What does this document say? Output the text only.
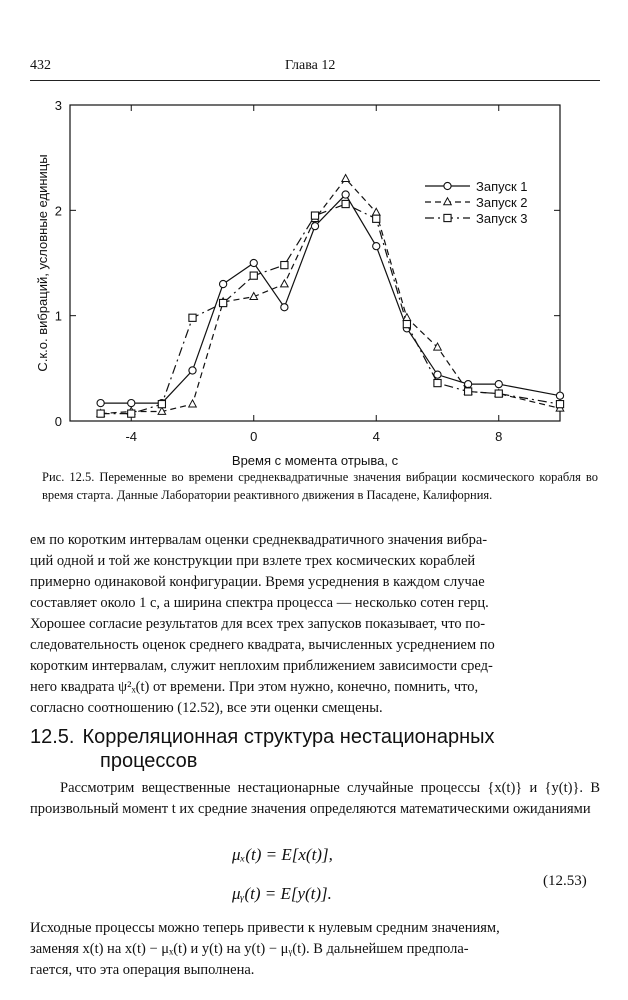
432	Глава 12
-4	0	4	8
0
1
2
3
Время с момента отрыва, с
С.к.о. вибраций, условные единицы	Запуск 1
Запуск 2
Запуск 3
Рис. 12.5. Переменные во времени среднеквадратичные значения вибрации космического корабля во время старта. Данные Лаборатории реактивного движения в Пасадене, Калифорния.
ем по коротким интервалам оценки среднеквадратичного значения вибра-
ций одной и той же конструкции при взлете трех космических кораблей
примерно одинаковой конфигурации. Время усреднения в каждом случае
составляет около 1 с, а ширина спектра процесса — несколько сотен герц.
Хорошее согласие результатов для всех трех запусков показывает, что по-
следовательность оценок среднего квадрата, вычисленных усреднением по
коротким интервалам, служит неплохим приближением зависимости сред-
него квадрата ψ²ₓ(t) от времени. При этом нужно, конечно, помнить, что,
согласно соотношению (12.52), все эти оценки смещены.
12.5. Корреляционная структура нестационарных
процессов
Рассмотрим вещественные нестационарные случайные процессы {x(t)} и {y(t)}. В произвольный момент t их средние значения определяются математическими ожиданиями
μₓ(t) = E[x(t)],
μᵧ(t) = E[y(t)].
(12.53)
Исходные процессы можно теперь привести к нулевым средним значениям,
заменяя x(t) на x(t) − μₓ(t) и y(t) на y(t) − μᵧ(t). В дальнейшем предпола-
гается, что эта операция выполнена.
